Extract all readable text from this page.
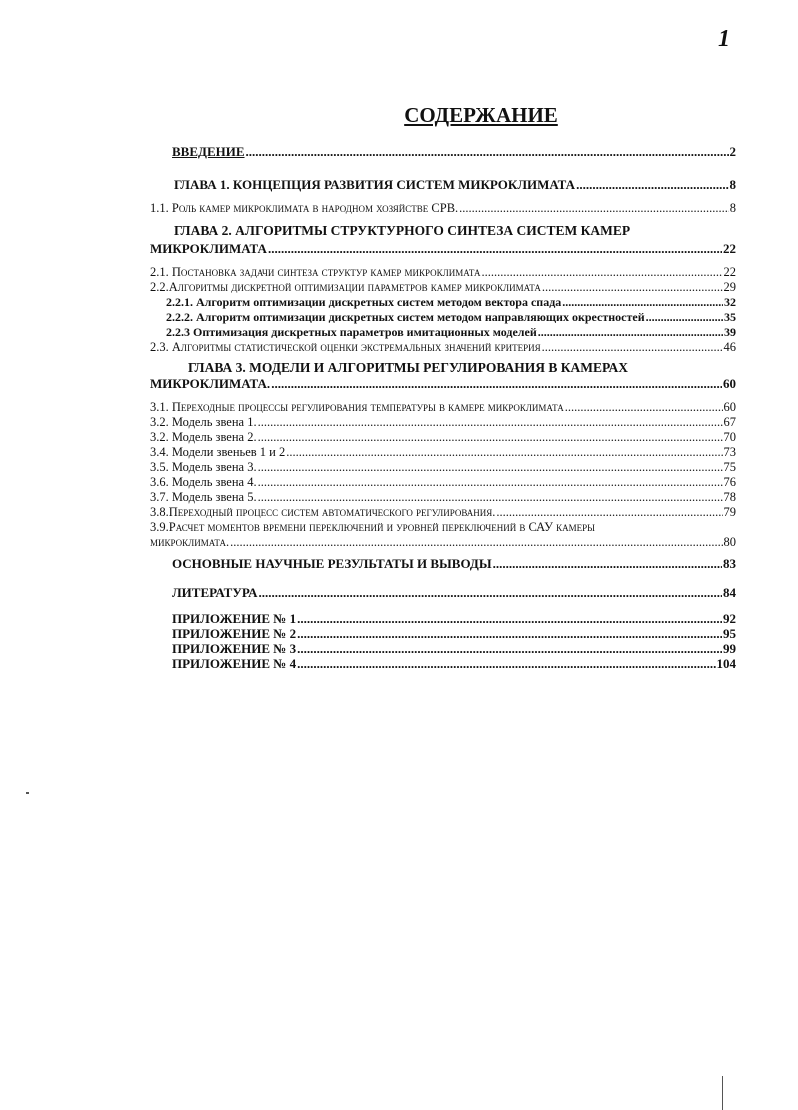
1
СОДЕРЖАНИЕ
ВВЕДЕНИЕ .....	2
ГЛАВА 1. КОНЦЕПЦИЯ РАЗВИТИЯ СИСТЕМ МИКРОКЛИМАТА .....	8
1.1. Роль камер микроклимата в народном хозяйстве СРВ. .....	8
ГЛАВА 2. АЛГОРИТМЫ СТРУКТУРНОГО СИНТЕЗА СИСТЕМ КАМЕР
МИКРОКЛИМАТА .....	22
2.1. Постановка задачи синтеза структур камер микроклимата .....	22
2.2.Алгоритмы дискретной оптимизации параметров камер микроклимата .....	29
2.2.1. Алгоритм оптимизации дискретных систем методом вектора спада .....	32
2.2.2. Алгоритм оптимизации дискретных систем методом направляющих окрестностей .....	35
2.2.3 Оптимизация дискретных параметров имитационных моделей .....	39
2.3. Алгоритмы статистической оценки экстремальных значений критерия .....	46
ГЛАВА 3. МОДЕЛИ И АЛГОРИТМЫ РЕГУЛИРОВАНИЯ В КАМЕРАХ
МИКРОКЛИМАТА. .....	60
3.1. Переходные процессы регулирования температуры в камере микроклимата .....	60
3.2. Модель звена 1. .....	67
3.2. Модель звена 2. .....	70
3.4. Модели звеньев 1 и 2 .....	73
3.5. Модель звена 3. .....	75
3.6. Модель звена 4. .....	76
3.7. Модель звена 5. .....	78
3.8.Переходный процесс систем автоматического регулирования. .....	79
3.9.Расчет моментов времени переключений и уровней переключений в САУ камеры
микроклимата. .....	80
ОСНОВНЫЕ НАУЧНЫЕ РЕЗУЛЬТАТЫ И ВЫВОДЫ .....	83
ЛИТЕРАТУРА .....	84
ПРИЛОЖЕНИЕ № 1 .....	92
ПРИЛОЖЕНИЕ № 2 .....	95
ПРИЛОЖЕНИЕ № 3 .....	99
ПРИЛОЖЕНИЕ № 4 .....	104
